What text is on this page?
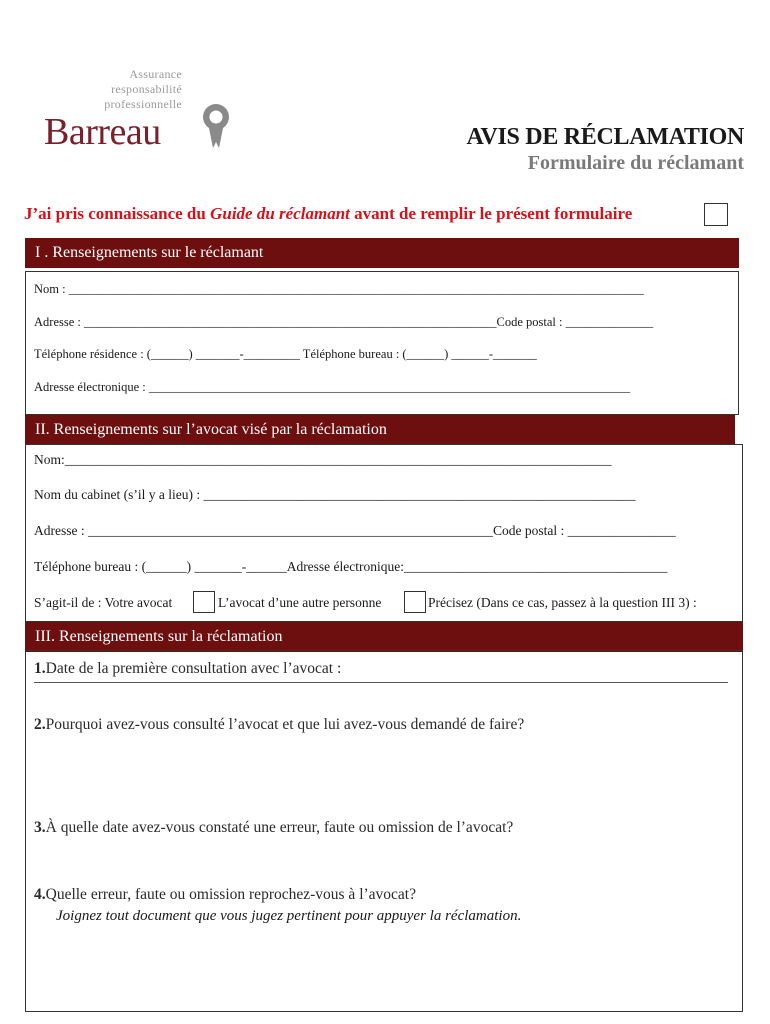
Assurance
responsabilité
professionnelle
Barreau	AVIS DE RÉCLAMATION
Formulaire du réclamant
J’ai pris connaissance du Guide du réclamant avant de remplir le présent formulaire
I . Renseignements sur le réclamant
Nom : ____________________________________________________________________________________________
Adresse : __________________________________________________________________Code postal : ______________
Téléphone résidence : (______) _______-_________ Téléphone bureau : (______) ______-_______
Adresse électronique : _____________________________________________________________________________
II. Renseignements sur l’avocat visé par la réclamation
Nom:_________________________________________________________________________________
Nom du cabinet (s’il y a lieu) : ________________________________________________________________
Adresse : ____________________________________________________________Code postal : ________________
Téléphone bureau : (______) _______-______Adresse électronique:_______________________________________
S’agit-il de : Votre avocat	L’avocat d’une autre personne	Précisez (Dans ce cas, passez à la question III 3) :
III. Renseignements sur la réclamation
1.Date de la première consultation avec l’avocat :
2.Pourquoi avez-vous consulté l’avocat et que lui avez-vous demandé de faire?
3.À quelle date avez-vous constaté une erreur, faute ou omission de l’avocat?
4.Quelle erreur, faute ou omission reprochez-vous à l’avocat?
Joignez tout document que vous jugez pertinent pour appuyer la réclamation.
